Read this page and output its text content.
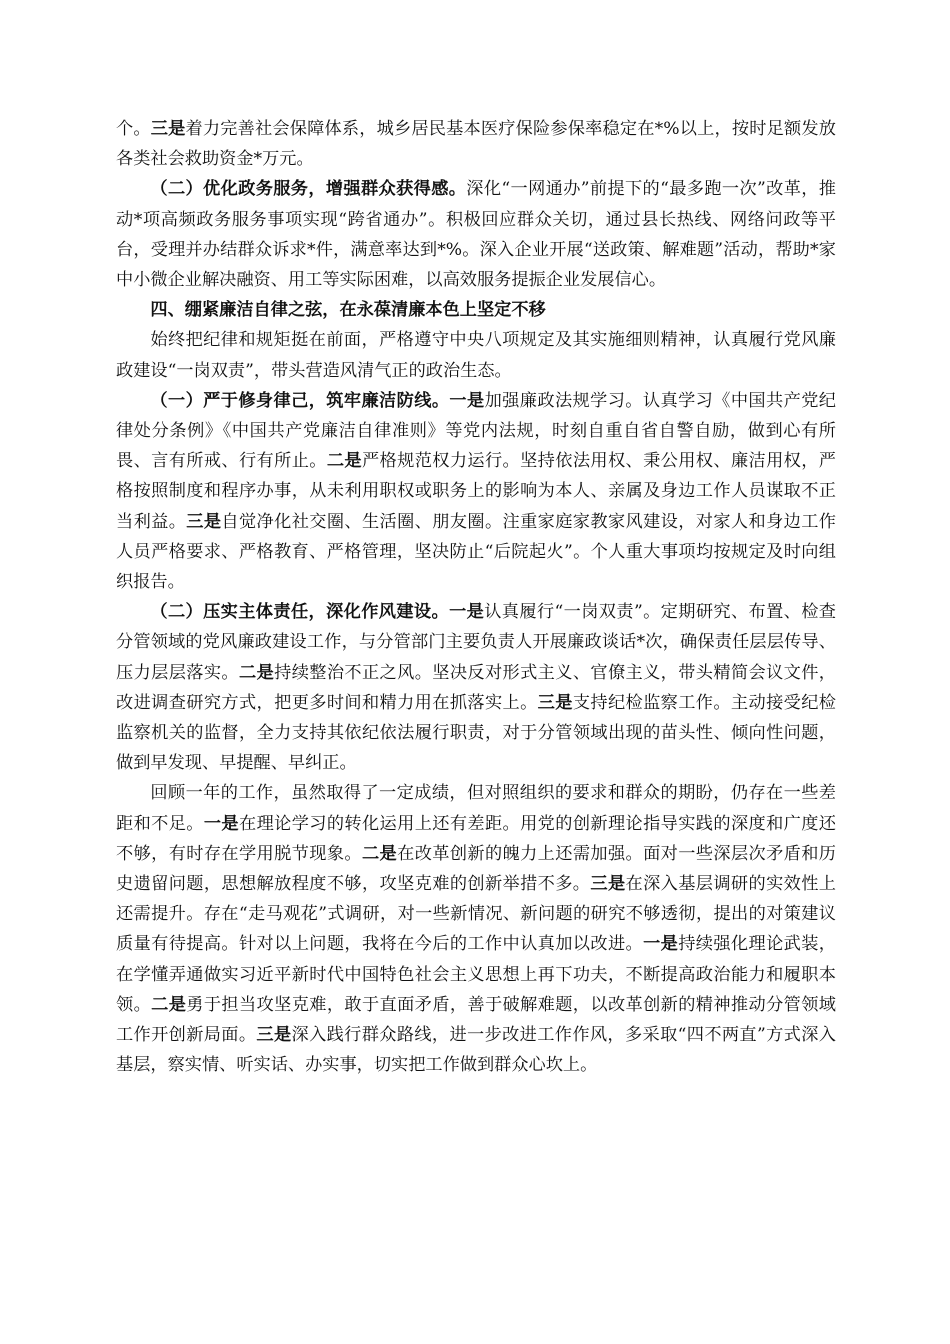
个。三是着力完善社会保障体系，城乡居民基本医疗保险参保率稳定在*%以上，按时足额发放各类社会救助资金*万元。

（二）优化政务服务，增强群众获得感。深化“一网通办”前提下的“最多跑一次”改革，推动*项高频政务服务事项实现“跨省通办”。积极回应群众关切，通过县长热线、网络问政等平台，受理并办结群众诉求*件，满意率达到*%。深入企业开展“送政策、解难题”活动，帮助*家中小微企业解决融资、用工等实际困难，以高效服务提振企业发展信心。

四、绷紧廉洁自律之弦，在永葆清廉本色上坚定不移

始终把纪律和规矩挺在前面，严格遵守中央八项规定及其实施细则精神，认真履行党风廉政建设“一岗双责”，带头营造风清气正的政治生态。

（一）严于修身律己，筑牢廉洁防线。一是加强廉政法规学习。认真学习《中国共产党纪律处分条例》《中国共产党廉洁自律准则》等党内法规，时刻自重自省自警自励，做到心有所畏、言有所戒、行有所止。二是严格规范权力运行。坚持依法用权、秉公用权、廉洁用权，严格按照制度和程序办事，从未利用职权或职务上的影响为本人、亲属及身边工作人员谋取不正当利益。三是自觉净化社交圈、生活圈、朋友圈。注重家庭家教家风建设，对家人和身边工作人员严格要求、严格教育、严格管理，坚决防止“后院起火”。个人重大事项均按规定及时向组织报告。

（二）压实主体责任，深化作风建设。一是认真履行“一岗双责”。定期研究、布置、检查分管领域的党风廉政建设工作，与分管部门主要负责人开展廉政谈话*次，确保责任层层传导、压力层层落实。二是持续整治不正之风。坚决反对形式主义、官僚主义，带头精简会议文件，改进调查研究方式，把更多时间和精力用在抓落实上。三是支持纪检监察工作。主动接受纪检监察机关的监督，全力支持其依纪依法履行职责，对于分管领域出现的苗头性、倾向性问题，做到早发现、早提醒、早纠正。

回顾一年的工作，虽然取得了一定成绩，但对照组织的要求和群众的期盼，仍存在一些差距和不足。一是在理论学习的转化运用上还有差距。用党的创新理论指导实践的深度和广度还不够，有时存在学用脱节现象。二是在改革创新的魄力上还需加强。面对一些深层次矛盾和历史遗留问题，思想解放程度不够，攻坚克难的创新举措不多。三是在深入基层调研的实效性上还需提升。存在“走马观花”式调研，对一些新情况、新问题的研究不够透彻，提出的对策建议质量有待提高。针对以上问题，我将在今后的工作中认真加以改进。一是持续强化理论武装，在学懂弄通做实习近平新时代中国特色社会主义思想上再下功夫，不断提高政治能力和履职本领。二是勇于担当攻坚克难，敢于直面矛盾，善于破解难题，以改革创新的精神推动分管领域工作开创新局面。三是深入践行群众路线，进一步改进工作作风，多采取“四不两直”方式深入基层，察实情、听实话、办实事，切实把工作做到群众心坎上。
